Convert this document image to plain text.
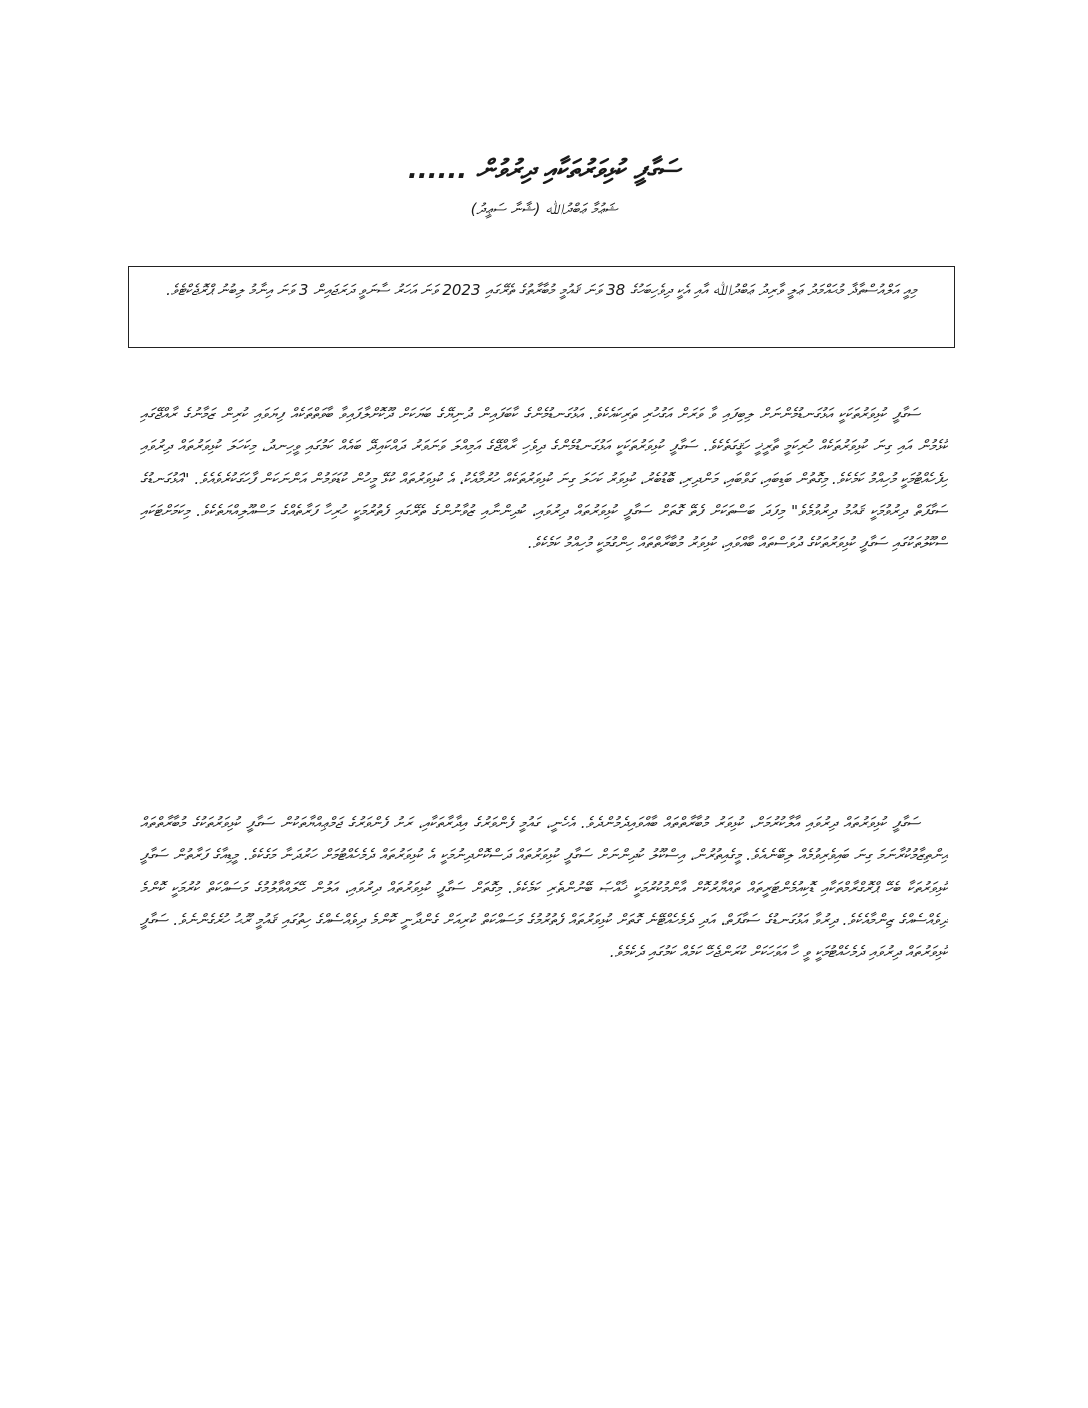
ސަގާފީ ކުޅިވަރުތަކާއި ދިރުވުން ......
ޝަޢުމާ ޢަބްދުﷲ (ޝާނާ ސަޢީދު)
މިއީ އަލްއުސްތާޛާ މުޙައްމަދު ޢަލީ ވާރިދު ޢަބްދުﷲ އާއި އެކީ ދިވެހިބަހުގެ 38 ވަނަ ޤައުމީ މުބާރާތުގެ ތެރޭގައި 2023 ވަނަ އަހަރު ސާނަވީ ދަރަޖައިން 3 ވަނަ އިނާމު ލިބުނު ޕްރޮޖެކްޓެވެ.
ސަގާފީ ކުޅިވަރުތަކަކީ އަޅުގަނޑުމެންނަށް ލިބިފައި ވާ ވަރަށް އަގުހުރި ތަރިކައެކެވެ. އަޅުގަނޑުމެންގެ ކާބަފައިން ދުނިޔޭގެ ބަޔަކަށް ދޫކޮށްލާފައިވާ ބާވަތްތަކެއް ފިޔަވައި ކުރިން ޒަމާނުގެ ރާއްޖޭގައި ކުޅެމުން އައި ގިނަ ކުޅިވަރުތަކެއް ހުރިކަމީ ތާރީޚީ ހަޤީގަތެކެވެ. ސަގާފީ ކުޅިވަރުތަކަކީ އަޅުގަނޑުމެންގެ ދިވެހި ރާއްޖޭގެ އަމިއްލަ ވަނަވަރު ދައްކައިދޭ ބައެއް ކަމުގައި ވީހިނދު، މިކަހަލަ ކުޅިވަރުތައް ދިރުވައި ހިފެހެއްޓުމަކީ މުހިއްމު ކަމެކެވެ. މިގޮތުން ބަޑިބައި، ގަވްބައި، މަންދިރި، ބޮޑުބެރު، ކުޅިވަރު ކަހަލަ ގިނަ ކުޅިވަރުތަކެއް ހުރުމާއެކު، އެ ކުޅިވަރުތައް ކުޅޭ މީހުން ކުޑަވަމުން އަންނަކަން ފާހަގަކުރެވެއެވެ. "އަޅުގަނޑުގެ ސަގާފަތް ދިރުވުމަކީ ޤައުމު ދިރުވުމެވެ" މިފަދަ ބަސްތަކަށް ފެތޭ ގޮތަށް ސަގާފީ ކުޅިވަރުތައް ދިރުވައި، ކުދިންނާއި ޒުވާނުންގެ ތެރޭގައި ފެތުރުމަކީ ހުރިހާ ފަރާތެއްގެ މަސްއޫލިއްޔަތެކެވެ. މިކަމަށްޓަކައި ސްކޫލުތަކުގައި ސަގާފީ ކުޅިވަރުތަކުގެ ދުވަސްތައް ބާއްވައި، ކުޅިވަރު މުބާރާތްތައް ހިންގުމަކީ މުހިއްމު ކަމެކެވެ.
ސަގާފީ ކުޅިވަރުތައް ދިރުވައި އާލާކުރުމަށް، ކުޅިވަރު މުބާރާތްތައް ބާއްވައިދެމުންދެވެ. އެހެނީ، ގައުމީ ފެންވަރުގެ އިދާރާތަކާއި، ރަށު ފެންވަރުގެ ޖަމްޢިއްޔާތަކުން ސަގާފީ ކުޅިވަރުތަކުގެ މުބާރާތްތައް އިންތިޒާމުކުރާނަމަ ގިނަ ބައިވެރިވުމެއް ލިބޭނެއެވެ. މީގެއިތުރުން، އިސްކޫލު ކުދިންނަށް ސަގާފީ ކުޅިވަރުތައް ދަސްކޮށްދިނުމަކީ އެ ކުޅިވަރުތައް ދެމެހެއްޓުމަށް ހަރުދަނާ މަގެކެވެ. މީޑިއާގެ ފަރާތުން ސަގާފީ ކުޅިވަރުތަކާ ބެހޭ ޕްރޮގްރާމްތަކާއި ޑޮކިއުމެންޓަރީތައް ތައްޔާރުކޮށް އާންމުކުރުމަކީ ޚާއްޞަ ބޭނުންތެރި ކަމެކެވެ. މިގޮތަށް ސަގާފީ ކުޅިވަރުތައް ދިރުވައި، އަލުން ހޭލައްވާލުމުގެ މަސައްކަތް ކުރުމަކީ ކޮންމެ ދިވެއްސެއްގެ ޒިންމާއެކެވެ. ދިރުވާ އަޅުގަނޑުގެ ސަގާފަތް، އަދި ދެމެހެއްޓޭނެ ގޮތަށް ކުޅިވަރުތައް ފެތުރުމުގެ މަސައްކަތް ކުރިއަށް ގެންދާނީ ކޮންމެ ދިވެއްސެއްގެ ހިތުގައި ޤައުމީ ރޫޙު ހުރެގެންނެވެ. ސަގާފީ ކުޅިވަރުތައް ދިރުވައި ދެމެހެއްޓުމަކީ ވީ ހާ އަވަހަކަށް ކުރަންޖެހޭ ކަމެއް ކަމުގައި ދެކެމެވެ.
